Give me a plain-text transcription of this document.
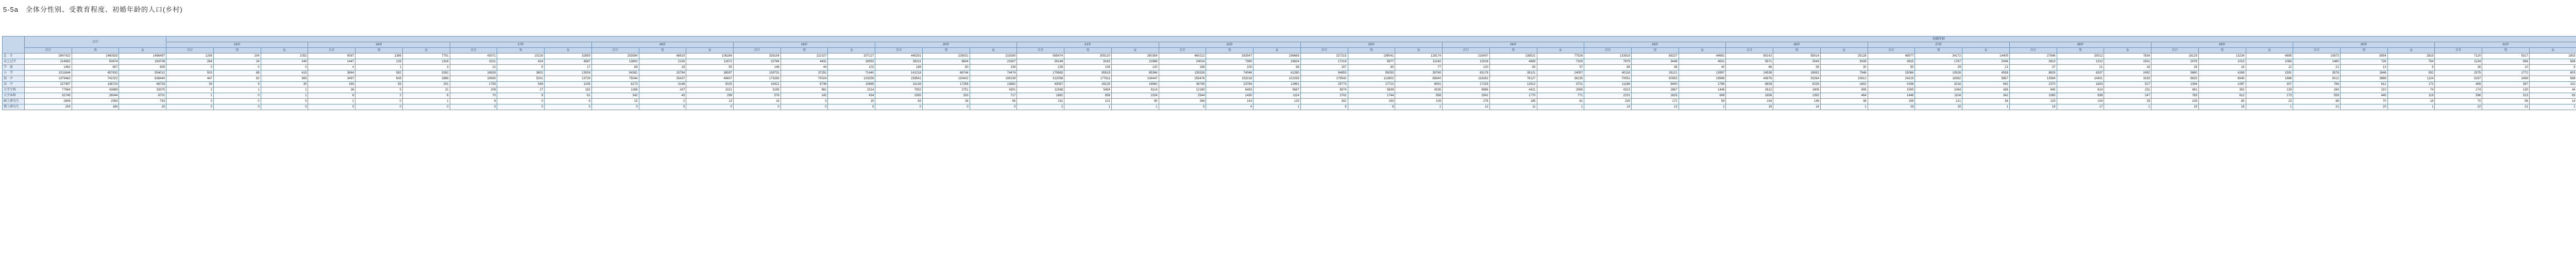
5-5a　全体分性别、受教育程度、初婚年龄的人口(乡村)
	合计	初婚年龄
15岁	16岁	17岁	18岁	19岁	20岁	21岁	22岁	23岁	24岁	25岁	26岁	27岁	28岁	29岁	30岁	31岁								
合计	男	女	合计	男	女	合计	男	女	合计	男	女	合计	男	女	合计	男	女	合计	男	女	合计	男	女	合计	男	女	合计	男	女	合计	男	女	合计	男	女	合计	男	女	合计	男	女	合计	男	女	合计	男	女	合计	男	女	合计	男	女																								
总　计	2947422	1460925	1486497	1256	204	1052	9087	1386	7701	43071	10216	32855	153094	46810	106284	328154	121027	207127	445291	226031	219260	565474	305120	260354	460212	263547	196665	327215	199041	128174	216047	138521	77526	133918	89227	44691	80142	55014	25128	48577	34172	14405	27846	20012	7834	18129	13234	4895	10873	8054	2819	7120	5317	1803																								
未上过学	214582	50874	163708	264	24	240	1447	129	1318	5211	624	4587	13802	2130	11672	22784	4431	18353	28211	6604	21607	30148	8162	21986	24014	7390	16624	17219	5977	11242	12018	4693	7325	7979	3448	4531	5571	2543	3028	3815	1767	2048	2813	1312	1501	2078	1013	1065	1480	726	754	1134	566	568																								
学　前	1462	657	805	0	0	0	4	1	3	22	5	17	69	19	50	146	44	102	188	80	108	226	106	120	198	100	98	157	80	77	120	63	57	88	48	40	66	36	30	50	29	21	37	21	16	28	16	12	21	13	8	16	10	6																								
小　学	1011644	457632	554012	503	88	415	3844	582	3262	16828	3802	13026	54381	15784	38597	108731	37291	71440	141218	66744	74474	170883	85519	85364	135326	74046	61280	94853	55093	39760	63178	39121	24057	40118	26121	13997	24538	16592	7946	15066	10528	4538	8829	6337	2492	5860	4269	1591	3578	2646	932	2375	1772	603																								
初　中	1379462	741022	638440	447	82	365	3497	608	2889	18930	5201	13729	75044	25437	49607	173283	70024	103259	239541	130402	109139	312058	177611	134447	255476	153218	102258	179542	113902	65640	116262	78127	38135	70051	50053	19998	40876	30264	10612	24219	18362	5857	13584	10401	3183	8633	6645	1988	5012	3888	1124	3197	2499	698																								
高　中	227457	138724	88733	39	9	30	260	59	201	1793	548	1245	8173	3148	5025	19421	8736	10685	31138	17256	13882	43087	26125	16962	36745	23784	12961	25773	17722	8051	17233	12512	4721	11186	8400	2786	6828	5226	1602	4158	3216	942	2370	1843	527	1394	1087	307	784	612	172	469	367	102																								
大学专科	77064	43689	33375	2	1	1	26	5	21	209	27	182	1268	247	1021	3195	881	2314	7052	2751	4301	11568	5454	6114	12180	6493	5687	9874	5839	4035	6986	4421	2565	4313	2867	1446	2612	1806	806	1500	1064	436	845	614	231	481	352	129	284	210	74	174	130	44																								
大学本科	32745	26044	6701	1	0	1	8	2	6	70	9	61	342	43	299	576	142	434	1050	333	717	1882	858	1024	2544	1430	1114	2702	1744	958	2541	1770	771	2231	1625	606	1856	1392	464	1446	1104	342	1085	838	247	785	612	173	559	440	119	396	313	83																								
硕士研究生	2806	2063	743	0	0	0	1	0	1	8	0	8	15	2	13	18	3	15	93	28	65	191	101	90	268	143	125	302	193	109	276	195	81	230	172	58	194	146	48	159	121	38	133	104	29	108	85	23	88	70	18	70	56	14																								
博士研究生	204	184	20	0	0	0	0	0	0	0	0	0	0	0	0	0	0	0	0	0	0	2	1	1	5	4	1	9	8	1	12	11	1	14	13	1	15	14	1	16	15	1	18	17	1	19	18	1	21	20	1	22	21	1																								
